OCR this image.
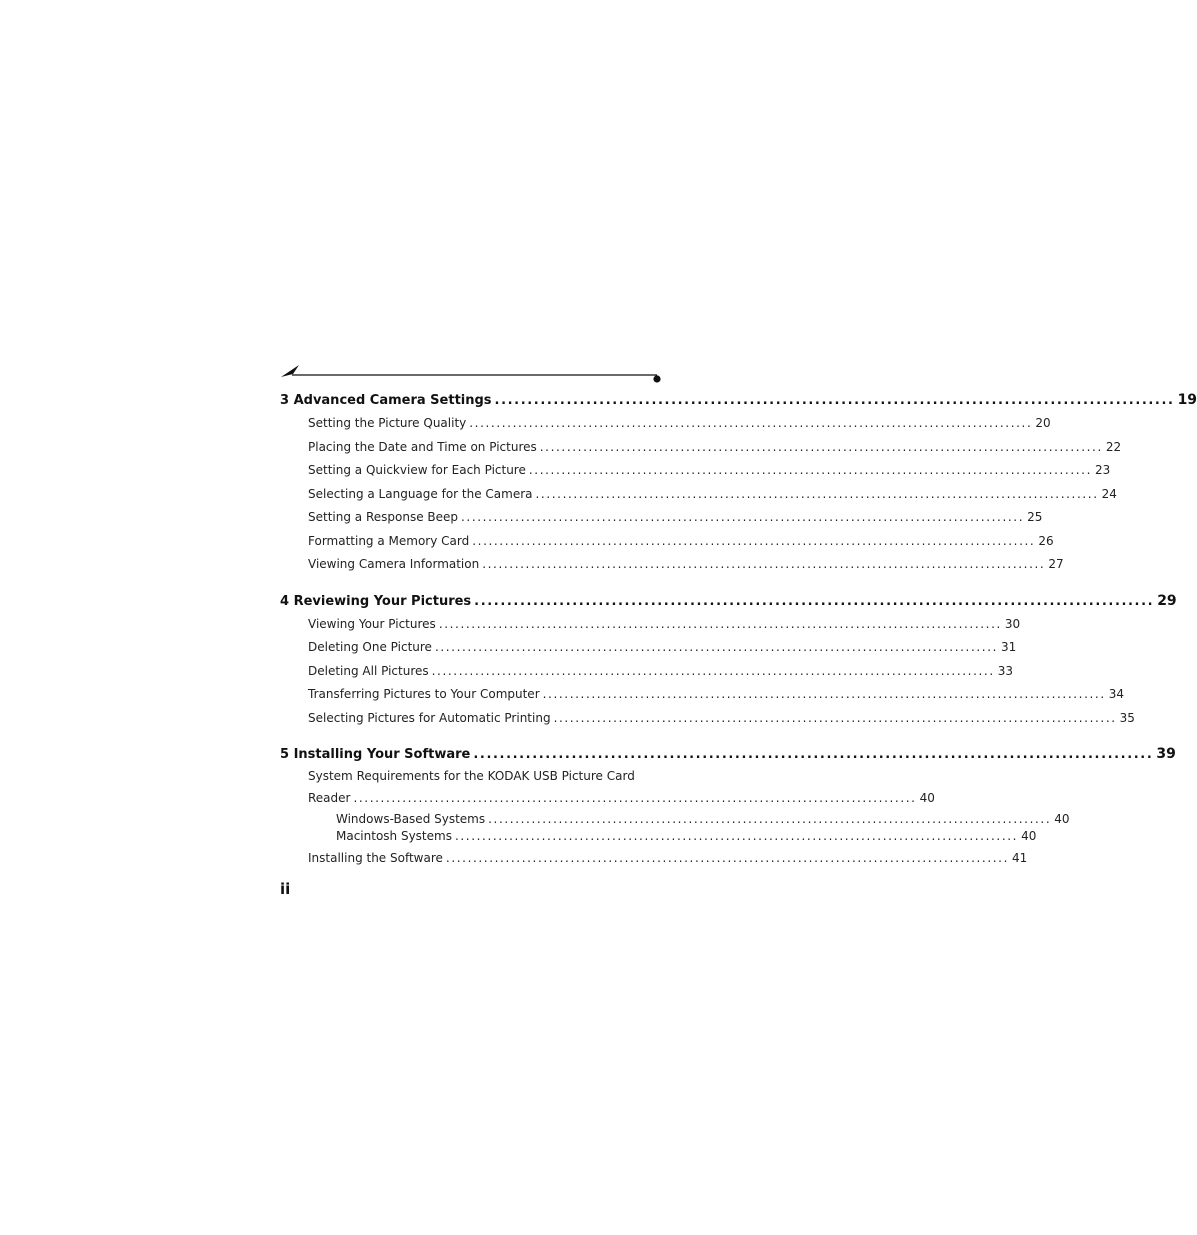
3 Advanced Camera Settings ........................................................................................................ 19
Setting the Picture Quality ........................................................................................................ 20
Placing the Date and Time on Pictures ........................................................................................................ 22
Setting a Quickview for Each Picture ........................................................................................................ 23
Selecting a Language for the Camera ........................................................................................................ 24
Setting a Response Beep ........................................................................................................ 25
Formatting a Memory Card ........................................................................................................ 26
Viewing Camera Information ........................................................................................................ 27
4 Reviewing Your Pictures ........................................................................................................ 29
Viewing Your Pictures ........................................................................................................ 30
Deleting One Picture ........................................................................................................ 31
Deleting All Pictures ........................................................................................................ 33
Transferring Pictures to Your Computer ........................................................................................................ 34
Selecting Pictures for Automatic Printing ........................................................................................................ 35
5 Installing Your Software ........................................................................................................ 39
System Requirements for the KODAK USB Picture Card
Reader ........................................................................................................ 40
Windows-Based Systems ........................................................................................................ 40
Macintosh Systems ........................................................................................................ 40
Installing the Software ........................................................................................................ 41
ii
